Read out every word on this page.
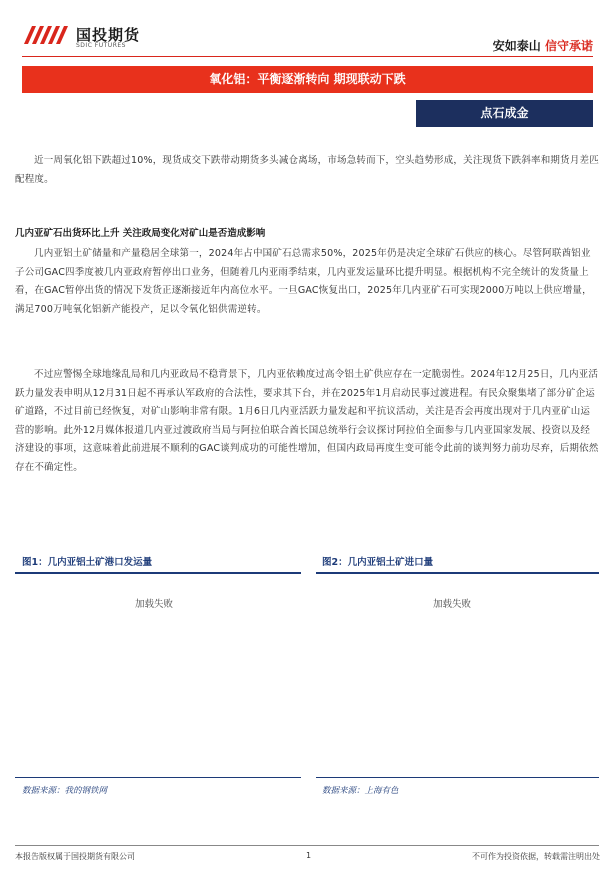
国投期货
SDIC FUTURES	安如泰山 信守承诺
氧化铝：平衡逐渐转向 期现联动下跌
点石成金

近一周氧化铝下跌超过10%，现货成交下跌带动期货多头减仓离场，市场急转而下，空头趋势形成，关注现货下跌斜率和期货月差匹配程度。

几内亚矿石出货环比上升 关注政局变化对矿山是否造成影响

几内亚铝土矿储量和产量稳居全球第一，2024年占中国矿石总需求50%，2025年仍是决定全球矿石供应的核心。尽管阿联酋铝业子公司GAC四季度被几内亚政府暂停出口业务，但随着几内亚雨季结束，几内亚发运量环比提升明显。根据机构不完全统计的发货量上看，在GAC暂停出货的情况下发货正逐渐接近年内高位水平。一旦GAC恢复出口，2025年几内亚矿石可实现2000万吨以上供应增量，满足700万吨氧化铝新产能投产，足以令氧化铝供需逆转。

不过应警惕全球地缘乱局和几内亚政局不稳背景下，几内亚依赖度过高令铝土矿供应存在一定脆弱性。2024年12月25日，几内亚活跃力量发表申明从12月31日起不再承认军政府的合法性，要求其下台，并在2025年1月启动民事过渡进程。有民众聚集堵了部分矿企运矿道路，不过目前已经恢复，对矿山影响非常有限。1月6日几内亚活跃力量发起和平抗议活动，关注是否会再度出现对于几内亚矿山运营的影响。此外12月媒体报道几内亚过渡政府当局与阿拉伯联合酋长国总统举行会议探讨阿拉伯全面参与几内亚国家发展、投资以及经济建设的事项，这意味着此前进展不顺利的GAC谈判成功的可能性增加，但国内政局再度生变可能令此前的谈判努力前功尽弃，后期依然存在不确定性。

图1：几内亚铝土矿港口发运量
加载失败
数据来源：我的钢铁网
图2：几内亚铝土矿进口量
加载失败
数据来源：上海有色
本报告版权属于国投期货有限公司	1	不可作为投资依据，转载需注明出处
